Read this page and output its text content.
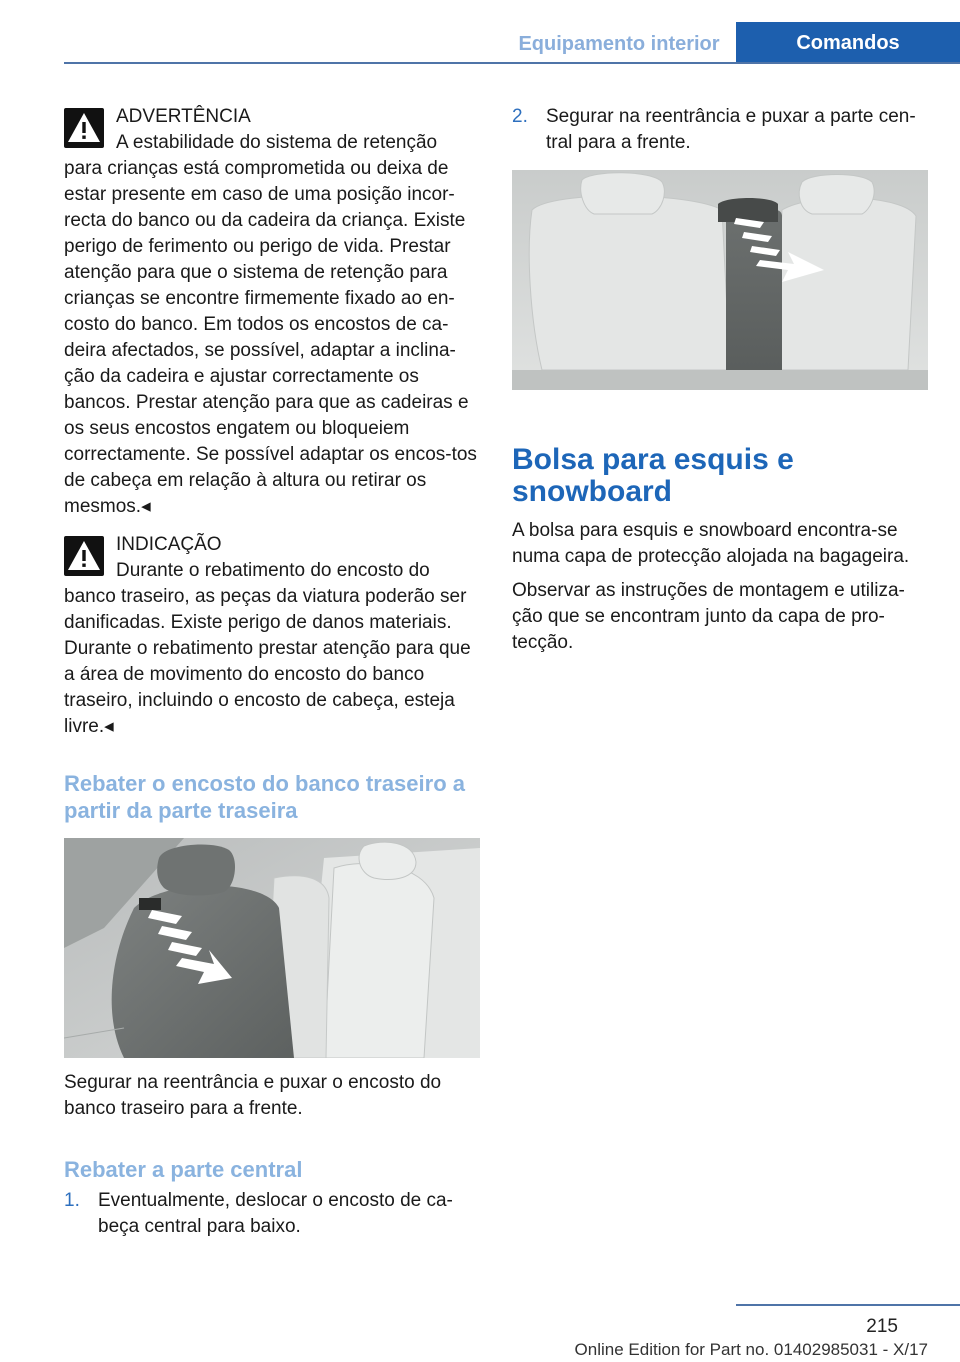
Equipamento interior	Comandos

ADVERTÊNCIA

A estabilidade do sistema de retenção

para crianças está comprometida ou deixa de estar presente em caso de uma posição incor-recta do banco ou da cadeira da criança. Existe perigo de ferimento ou perigo de vida. Prestar atenção para que o sistema de retenção para crianças se encontre firmemente fixado ao en-costo do banco. Em todos os encostos de ca-deira afectados, se possível, adaptar a inclina-ção da cadeira e ajustar correctamente os bancos. Prestar atenção para que as cadeiras e os seus encostos engatem ou bloqueiem correctamente. Se possível adaptar os encos-tos de cabeça em relação à altura ou retirar os mesmos.◂

INDICAÇÃO

Durante o rebatimento do encosto do

banco traseiro, as peças da viatura poderão ser danificadas. Existe perigo de danos materiais. Durante o rebatimento prestar atenção para que a área de movimento do encosto do banco traseiro, incluindo o encosto de cabeça, esteja livre.◂

Rebater o encosto do banco traseiro a partir da parte traseira

Segurar na reentrância e puxar o encosto do banco traseiro para a frente.

Rebater a parte central
1. Eventualmente, deslocar o encosto de ca-beça central para baixo.

2. Segurar na reentrância e puxar a parte cen-tral para a frente.

Bolsa para esquis e snowboard

A bolsa para esquis e snowboard encontra-se numa capa de protecção alojada na bagageira.

Observar as instruções de montagem e utiliza-ção que se encontram junto da capa de pro-tecção.

215
Online Edition for Part no. 01402985031 - X/17
